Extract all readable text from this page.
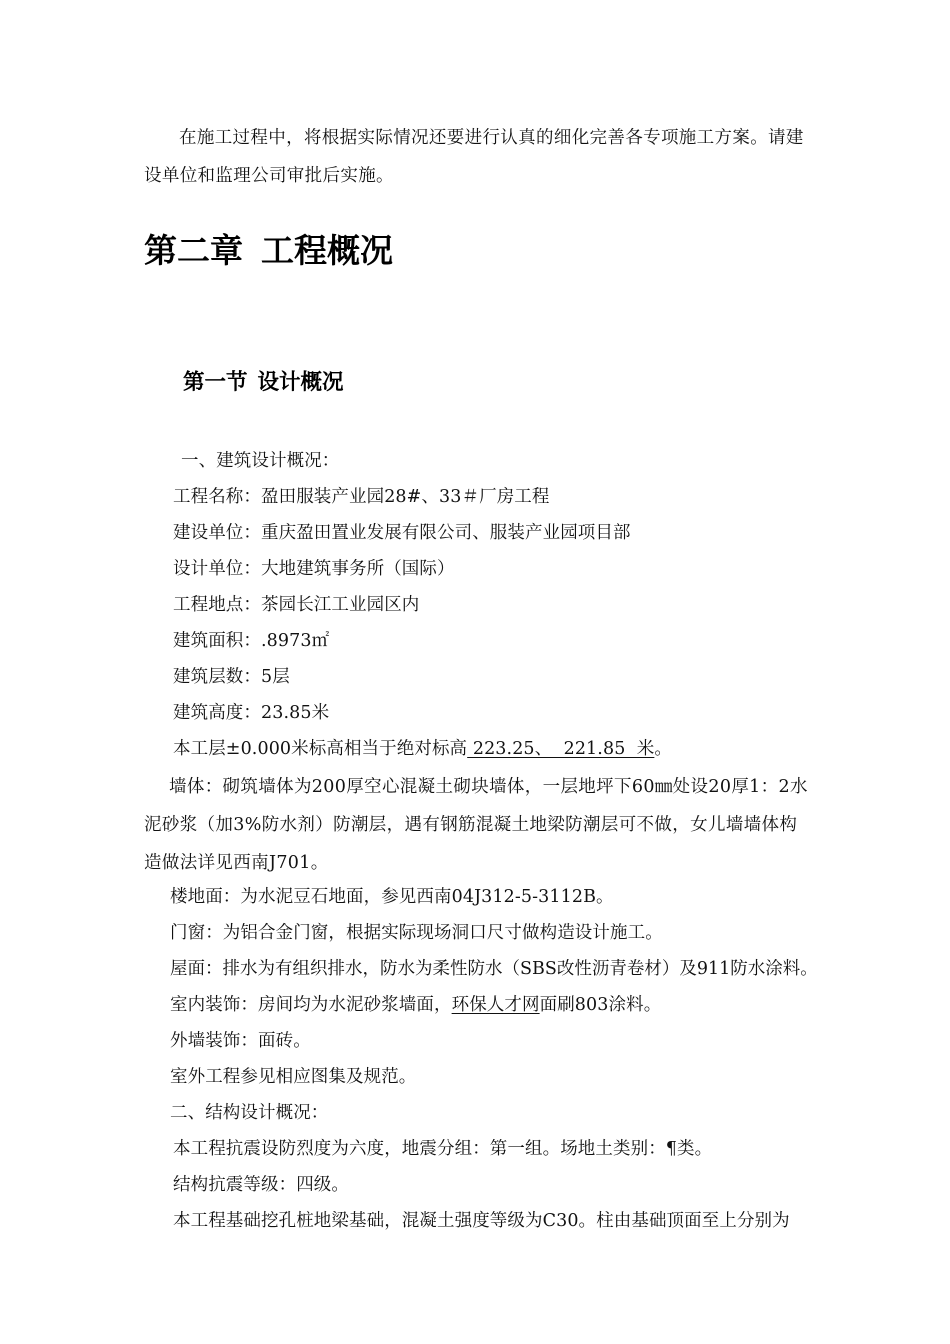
在施工过程中，将根据实际情况还要进行认真的细化完善各专项施工方案。请建
设单位和监理公司审批后实施。
第二章 工程概况
第一节 设计概况
一、建筑设计概况：
工程名称：盈田服装产业园28#、33＃厂房工程
建设单位：重庆盈田置业发展有限公司、服装产业园项目部
设计单位：大地建筑事务所（国际）
工程地点：茶园长江工业园区内
建筑面积：.8973㎡
建筑层数：5层
建筑高度：23.85米
本工层±0.000米标高相当于绝对标高 223.25、  221.85  米。
墙体：砌筑墙体为200厚空心混凝土砌块墙体，一层地坪下60㎜处设20厚1：2水
泥砂浆（加3%防水剂）防潮层，遇有钢筋混凝土地梁防潮层可不做，女儿墙墙体构
造做法详见西南J701。
楼地面：为水泥豆石地面，参见西南04J312-5-3112B。
门窗：为铝合金门窗，根据实际现场洞口尺寸做构造设计施工。
屋面：排水为有组织排水，防水为柔性防水（SBS改性沥青卷材）及911防水涂料。
室内装饰：房间均为水泥砂浆墙面，环保人才网面刷803涂料。
外墙装饰：面砖。
室外工程参见相应图集及规范。
二、结构设计概况：
本工程抗震设防烈度为六度，地震分组：第一组。场地土类别：¶类。
结构抗震等级：四级。
本工程基础挖孔桩地梁基础，混凝土强度等级为C30。柱由基础顶面至上分别为
